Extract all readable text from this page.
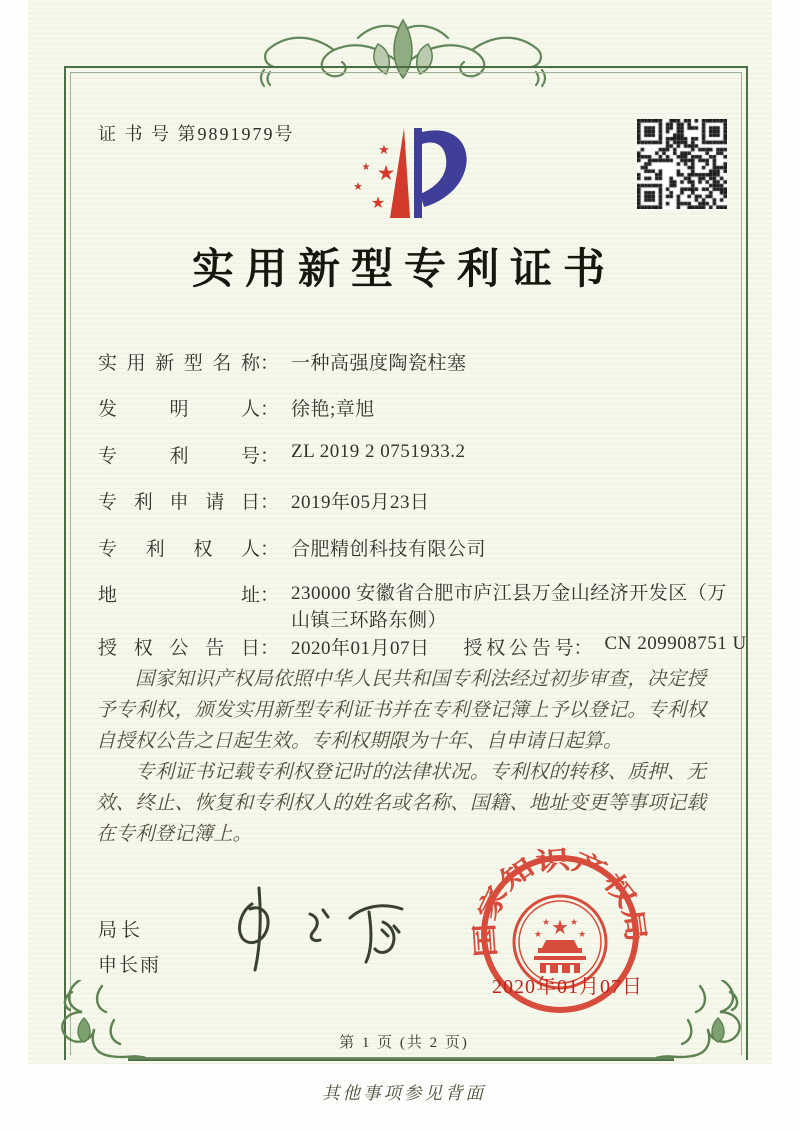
证 书 号 第9891979号
★
★ ★
★
★
实用新型专利证书
实用新型名称 ： 一种高强度陶瓷柱塞
发明人 ： 徐艳;章旭
专利号 ： ZL 2019 2 0751933.2
专利申请日 ： 2019年05月23日
专利权人 ： 合肥精创科技有限公司
地址 ： 230000 安徽省合肥市庐江县万金山经济开发区（万山镇三环路东侧）
授权公告日 ： 2020年01月07日 授权公告号 ： CN 209908751 U

国家知识产权局依照中华人民共和国专利法经过初步审查，决定授予专利权，颁发实用新型专利证书并在专利登记簿上予以登记。专利权自授权公告之日起生效。专利权期限为十年、自申请日起算。

专利证书记载专利权登记时的法律状况。专利权的转移、质押、无效、终止、恢复和专利权人的姓名或名称、国籍、地址变更等事项记载在专利登记簿上。

局长
申长雨
国家知识产权局
★
★
★ ★
★
2020年01月07日
第 1 页 (共 2 页)
其他事项参见背面
